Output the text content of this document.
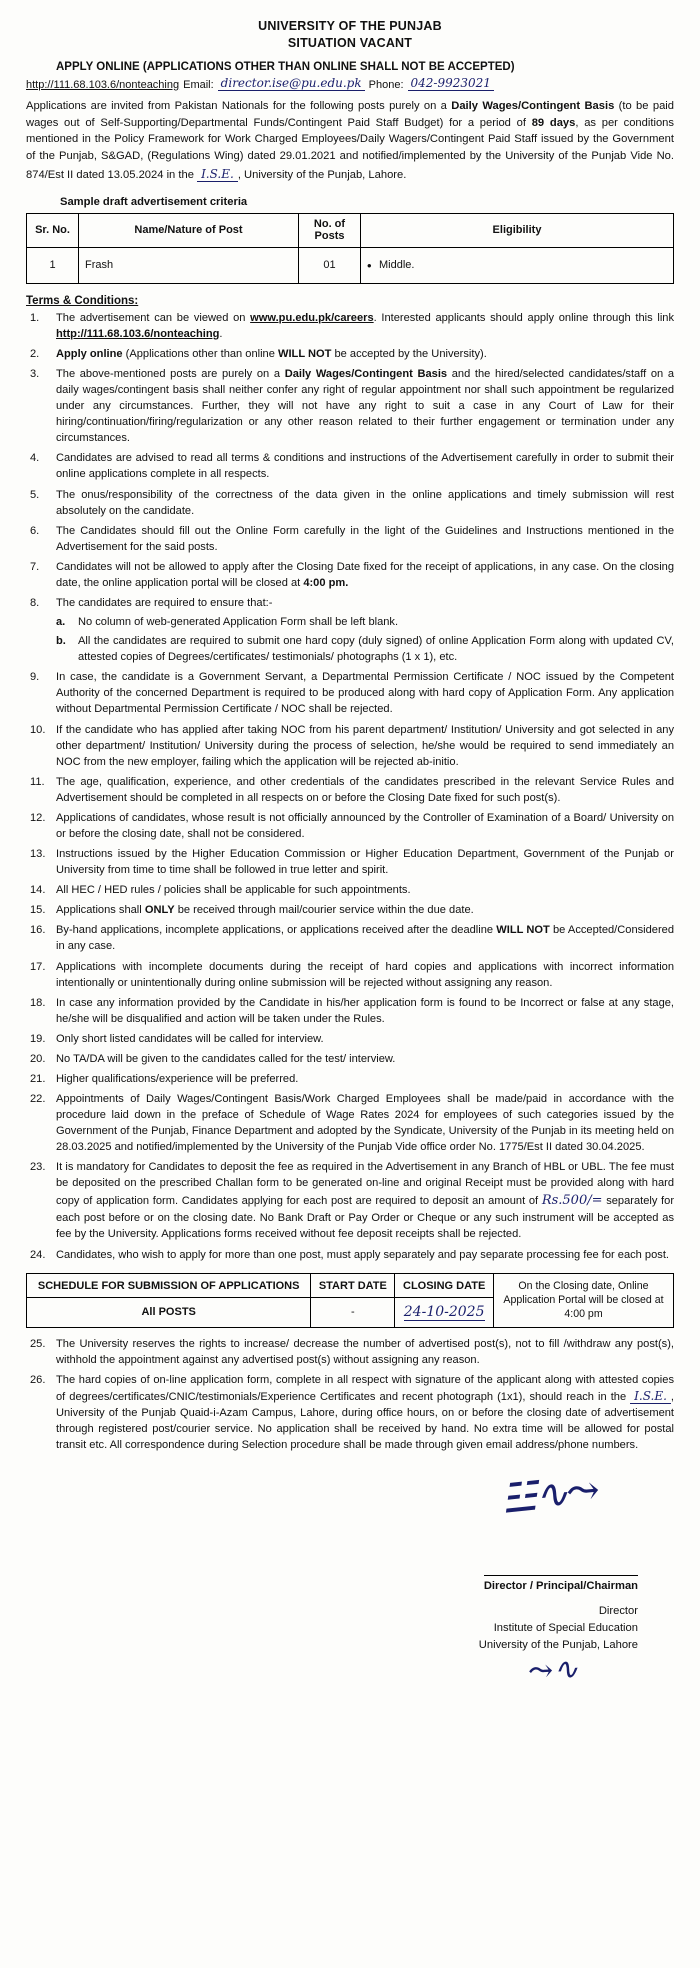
UNIVERSITY OF THE PUNJAB
SITUATION VACANT
APPLY ONLINE (APPLICATIONS OTHER THAN ONLINE SHALL NOT BE ACCEPTED)
http://111.68.103.6/nonteaching Email: director.ise@pu.edu.pk Phone: 042-9923021
Applications are invited from Pakistan Nationals for the following posts purely on a Daily Wages/Contingent Basis (to be paid wages out of Self-Supporting/Departmental Funds/Contingent Paid Staff Budget) for a period of 89 days, as per conditions mentioned in the Policy Framework for Work Charged Employees/Daily Wagers/Contingent Paid Staff issued by the Government of the Punjab, S&GAD, (Regulations Wing) dated 29.01.2021 and notified/implemented by the University of the Punjab Vide No. 874/Est II dated 13.05.2024 in the I.S.E. , University of the Punjab, Lahore.
Sample draft advertisement criteria
Sr. No.	Name/Nature of Post	No. of Posts	Eligibility
1	Frash	01	• Middle.
Terms & Conditions:
1.	The advertisement can be viewed on www.pu.edu.pk/careers. Interested applicants should apply online through this link http://111.68.103.6/nonteaching.
2.	Apply online (Applications other than online WILL NOT be accepted by the University).
3.	The above-mentioned posts are purely on a Daily Wages/Contingent Basis and the hired/selected candidates/staff on a daily wages/contingent basis shall neither confer any right of regular appointment nor shall such appointment be regularized under any circumstances. Further, they will not have any right to suit a case in any Court of Law for their hiring/continuation/firing/regularization or any other reason related to their further engagement or termination under any circumstances.
4.	Candidates are advised to read all terms & conditions and instructions of the Advertisement carefully in order to submit their online applications complete in all respects.
5.	The onus/responsibility of the correctness of the data given in the online applications and timely submission will rest absolutely on the candidate.
6.	The Candidates should fill out the Online Form carefully in the light of the Guidelines and Instructions mentioned in the Advertisement for the said posts.
7.	Candidates will not be allowed to apply after the Closing Date fixed for the receipt of applications, in any case. On the closing date, the online application portal will be closed at 4:00 pm.
8.	The candidates are required to ensure that:-
a.	No column of web-generated Application Form shall be left blank.
b.	All the candidates are required to submit one hard copy (duly signed) of online Application Form along with updated CV, attested copies of Degrees/certificates/ testimonials/ photographs (1 x 1), etc.
9.	In case, the candidate is a Government Servant, a Departmental Permission Certificate / NOC issued by the Competent Authority of the concerned Department is required to be produced along with hard copy of Application Form. Any application without Departmental Permission Certificate / NOC shall be rejected.
10. If the candidate who has applied after taking NOC from his parent department/ Institution/ University and got selected in any other department/ Institution/ University during the process of selection, he/she would be required to send immediately an NOC from the new employer, failing which the application will be rejected ab-initio.
11.	The age, qualification, experience, and other credentials of the candidates prescribed in the relevant Service Rules and Advertisement should be completed in all respects on or before the Closing Date fixed for such post(s).
12. Applications of candidates, whose result is not officially announced by the Controller of Examination of a Board/ University on or before the closing date, shall not be considered.
13. Instructions issued by the Higher Education Commission or Higher Education Department, Government of the Punjab or University from time to time shall be followed in true letter and spirit.
14. All HEC / HED rules / policies shall be applicable for such appointments.
15. Applications shall ONLY be received through mail/courier service within the due date.
16. By-hand applications, incomplete applications, or applications received after the deadline WILL NOT be Accepted/Considered in any case.
17. Applications with incomplete documents during the receipt of hard copies and applications with incorrect information intentionally or unintentionally during online submission will be rejected without assigning any reason.
18. In case any information provided by the Candidate in his/her application form is found to be Incorrect or false at any stage, he/she will be disqualified and action will be taken under the Rules.
19. Only short listed candidates will be called for interview.
20. No TA/DA will be given to the candidates called for the test/ interview.
21. Higher qualifications/experience will be preferred.
22. Appointments of Daily Wages/Contingent Basis/Work Charged Employees shall be made/paid in accordance with the procedure laid down in the preface of Schedule of Wage Rates 2024 for employees of such categories issued by the Government of the Punjab, Finance Department and adopted by the Syndicate, University of the Punjab in its meeting held on 28.03.2025 and notified/implemented by the University of the Punjab Vide office order No. 1775/Est II dated 30.04.2025.
23. It is mandatory for Candidates to deposit the fee as required in the Advertisement in any Branch of HBL or UBL. The fee must be deposited on the prescribed Challan form to be generated on-line and original Receipt must be provided along with hard copy of application form. Candidates applying for each post are required to deposit an amount of Rs.500/= separately for each post before or on the closing date. No Bank Draft or Pay Order or Cheque or any such instrument will be accepted as fee by the University. Applications forms received without fee deposit receipts shall be rejected.
24. Candidates, who wish to apply for more than one post, must apply separately and pay separate processing fee for each post.
SCHEDULE FOR SUBMISSION OF APPLICATIONS	START DATE	CLOSING DATE	On the Closing date, Online Application Portal will be closed at 4:00 pm
All POSTS	-	24-10-2025	
25. The University reserves the rights to increase/ decrease the number of advertised post(s), not to fill /withdraw any post(s), withhold the appointment against any advertised post(s) without assigning any reason.
26. The hard copies of on-line application form, complete in all respect with signature of the applicant along with attested copies of degrees/certificates/CNIC/testimonials/Experience Certificates and recent photograph (1x1), should reach in the I.S.E. , University of the Punjab Quaid-i-Azam Campus, Lahore, during office hours, on or before the closing date of advertisement through registered post/courier service. No application shall be received by hand. No extra time will be allowed for postal transit etc. All correspondence during Selection procedure shall be made through given email address/phone numbers.
☳∿⤳
Director / Principal/Chairman
Director
Institute of Special Education
University of the Punjab, Lahore
⤳∿
